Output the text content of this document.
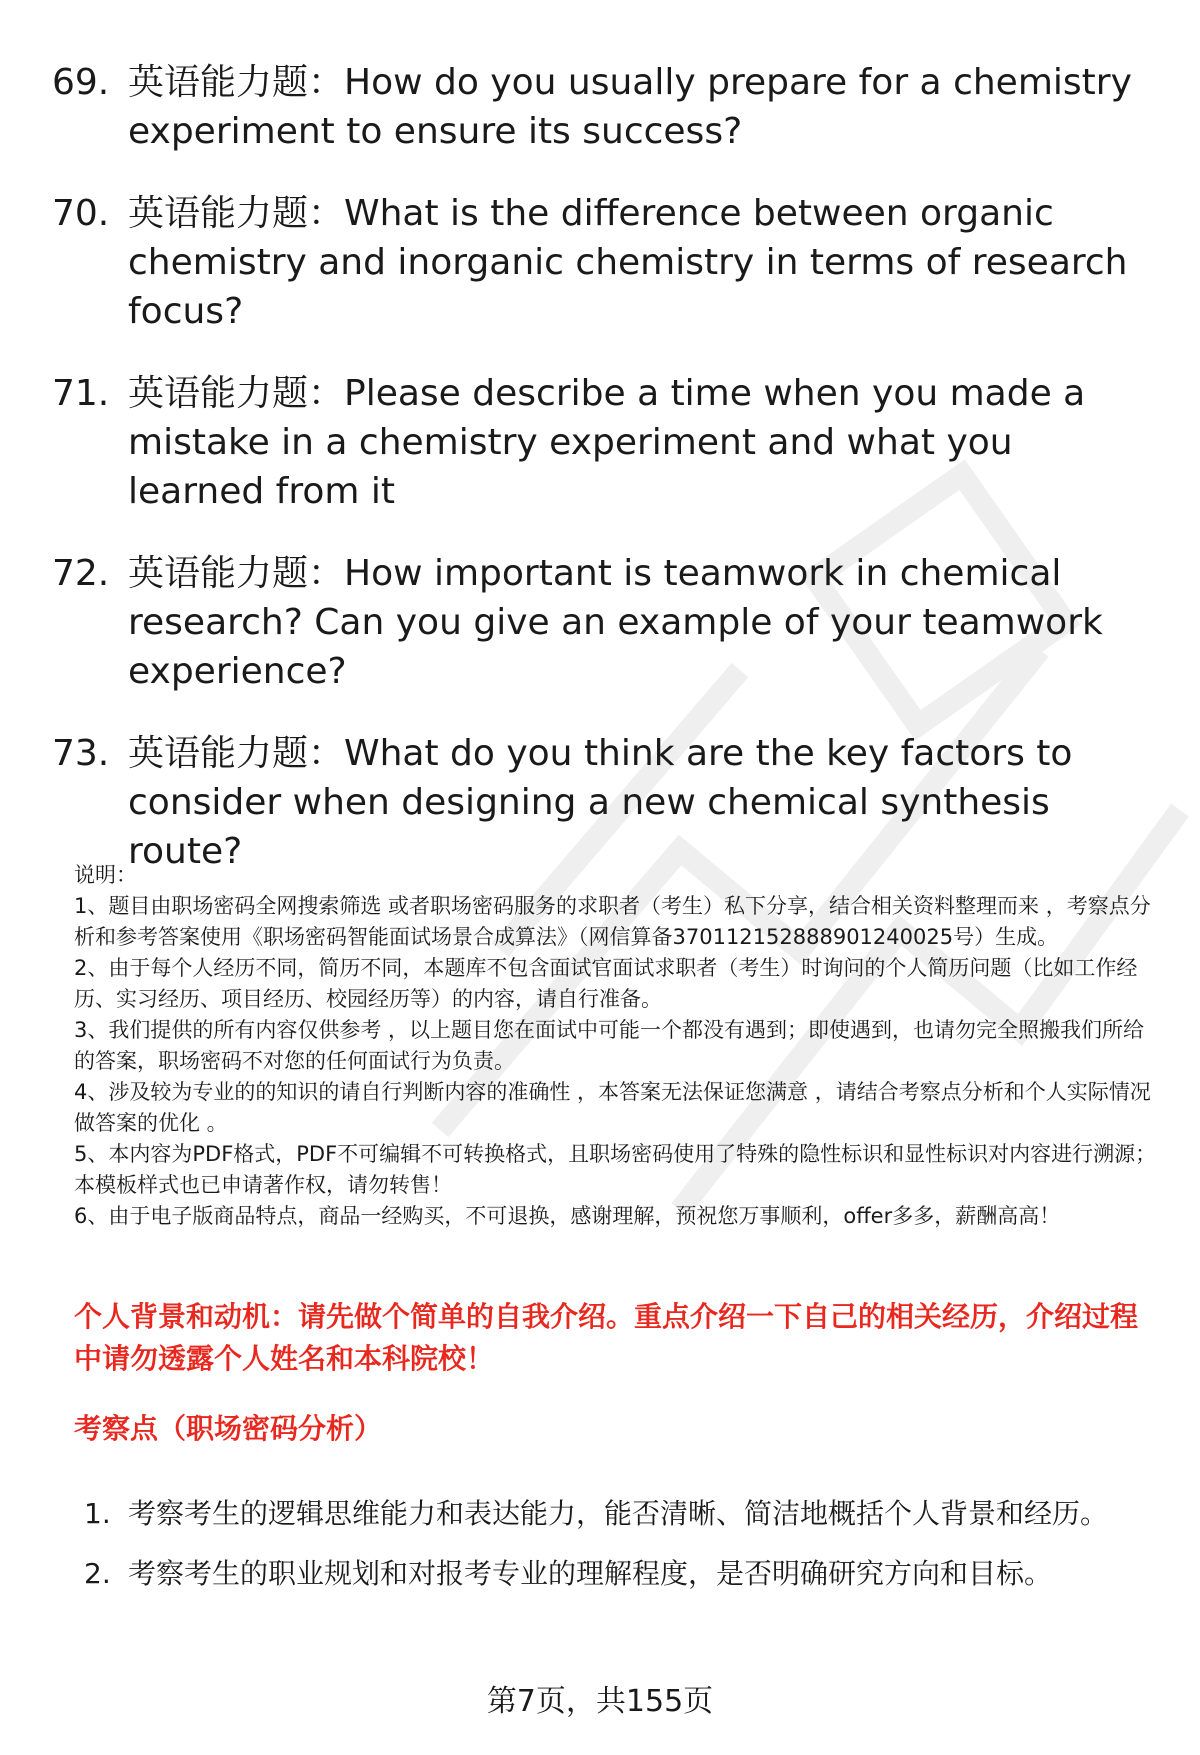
69. 英语能力题：How do you usually prepare for a chemistry experiment to ensure its success?
70. 英语能力题：What is the difference between organic chemistry and inorganic chemistry in terms of research focus?
71. 英语能力题：Please describe a time when you made a mistake in a chemistry experiment and what you learned from it
72. 英语能力题：How important is teamwork in chemical research? Can you give an example of your teamwork experience?
73. 英语能力题：What do you think are the key factors to consider when designing a new chemical synthesis route?

说明：

1、题目由职场密码全网搜索筛选 或者职场密码服务的求职者（考生）私下分享，结合相关资料整理而来 ，考察点分析和参考答案使用《职场密码智能面试场景合成算法》（网信算备370112152888901240025号）生成。

2、由于每个人经历不同，简历不同，本题库不包含面试官面试求职者（考生）时询问的个人简历问题（比如工作经历、实习经历、项目经历、校园经历等）的内容，请自行准备。

3、我们提供的所有内容仅供参考 ，以上题目您在面试中可能一个都没有遇到；即使遇到，也请勿完全照搬我们所给的答案，职场密码不对您的任何面试行为负责。

4、涉及较为专业的的知识的请自行判断内容的准确性 ，本答案无法保证您满意 ，请结合考察点分析和个人实际情况做答案的优化 。

5、本内容为PDF格式，PDF不可编辑不可转换格式，且职场密码使用了特殊的隐性标识和显性标识对内容进行溯源；本模板样式也已申请著作权，请勿转售！

6、由于电子版商品特点，商品一经购买，不可退换，感谢理解，预祝您万事顺利，offer多多，薪酬高高！

个人背景和动机：请先做个简单的自我介绍。重点介绍一下自己的相关经历，介绍过程中请勿透露个人姓名和本科院校！
考察点（职场密码分析）
1. 考察考生的逻辑思维能力和表达能力，能否清晰、简洁地概括个人背景和经历。
2. 考察考生的职业规划和对报考专业的理解程度，是否明确研究方向和目标。
第7页，共155页
